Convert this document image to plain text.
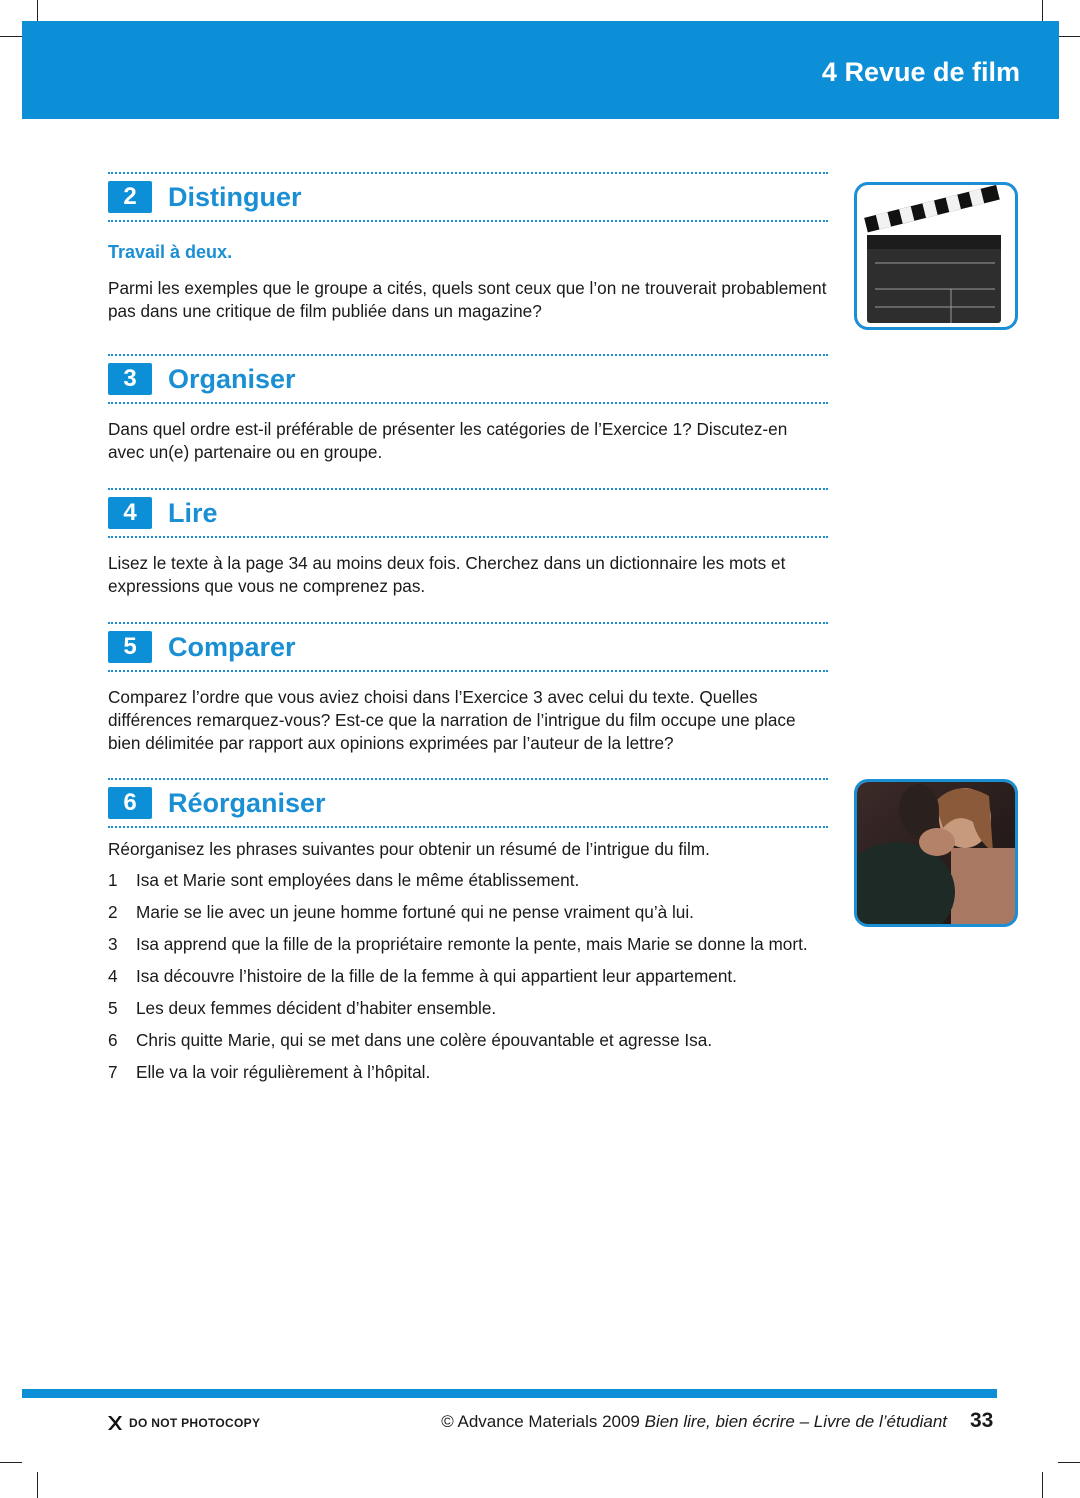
4 Revue de film
2	Distinguer
Travail à deux.

Parmi les exemples que le groupe a cités, quels sont ceux que l’on ne trouverait probablement pas dans une critique de film publiée dans un magazine?

3	Organiser

Dans quel ordre est-il préférable de présenter les catégories de l’Exercice 1? Discutez-en avec un(e) partenaire ou en groupe.

4	Lire

Lisez le texte à la page 34 au moins deux fois. Cherchez dans un dictionnaire les mots et expressions que vous ne comprenez pas.

5	Comparer

Comparez l’ordre que vous aviez choisi dans l’Exercice 3 avec celui du texte. Quelles différences remarquez-vous? Est-ce que la narration de l’intrigue du film occupe une place bien délimitée par rapport aux opinions exprimées par l’auteur de la lettre?

6	Réorganiser

Réorganisez les phrases suivantes pour obtenir un résumé de l’intrigue du film.

1	Isa et Marie sont employées dans le même établissement.
2	Marie se lie avec un jeune homme fortuné qui ne pense vraiment qu’à lui.
3	Isa apprend que la fille de la propriétaire remonte la pente, mais Marie se donne la mort.
4	Isa découvre l’histoire de la fille de la femme à qui appartient leur appartement.
5	Les deux femmes décident d’habiter ensemble.
6	Chris quitte Marie, qui se met dans une colère épouvantable et agresse Isa.
7	Elle va la voir régulièrement à l’hôpital.
DO NOT PHOTOCOPY	© Advance Materials 2009 Bien lire, bien écrire – Livre de l’étudiant 33
